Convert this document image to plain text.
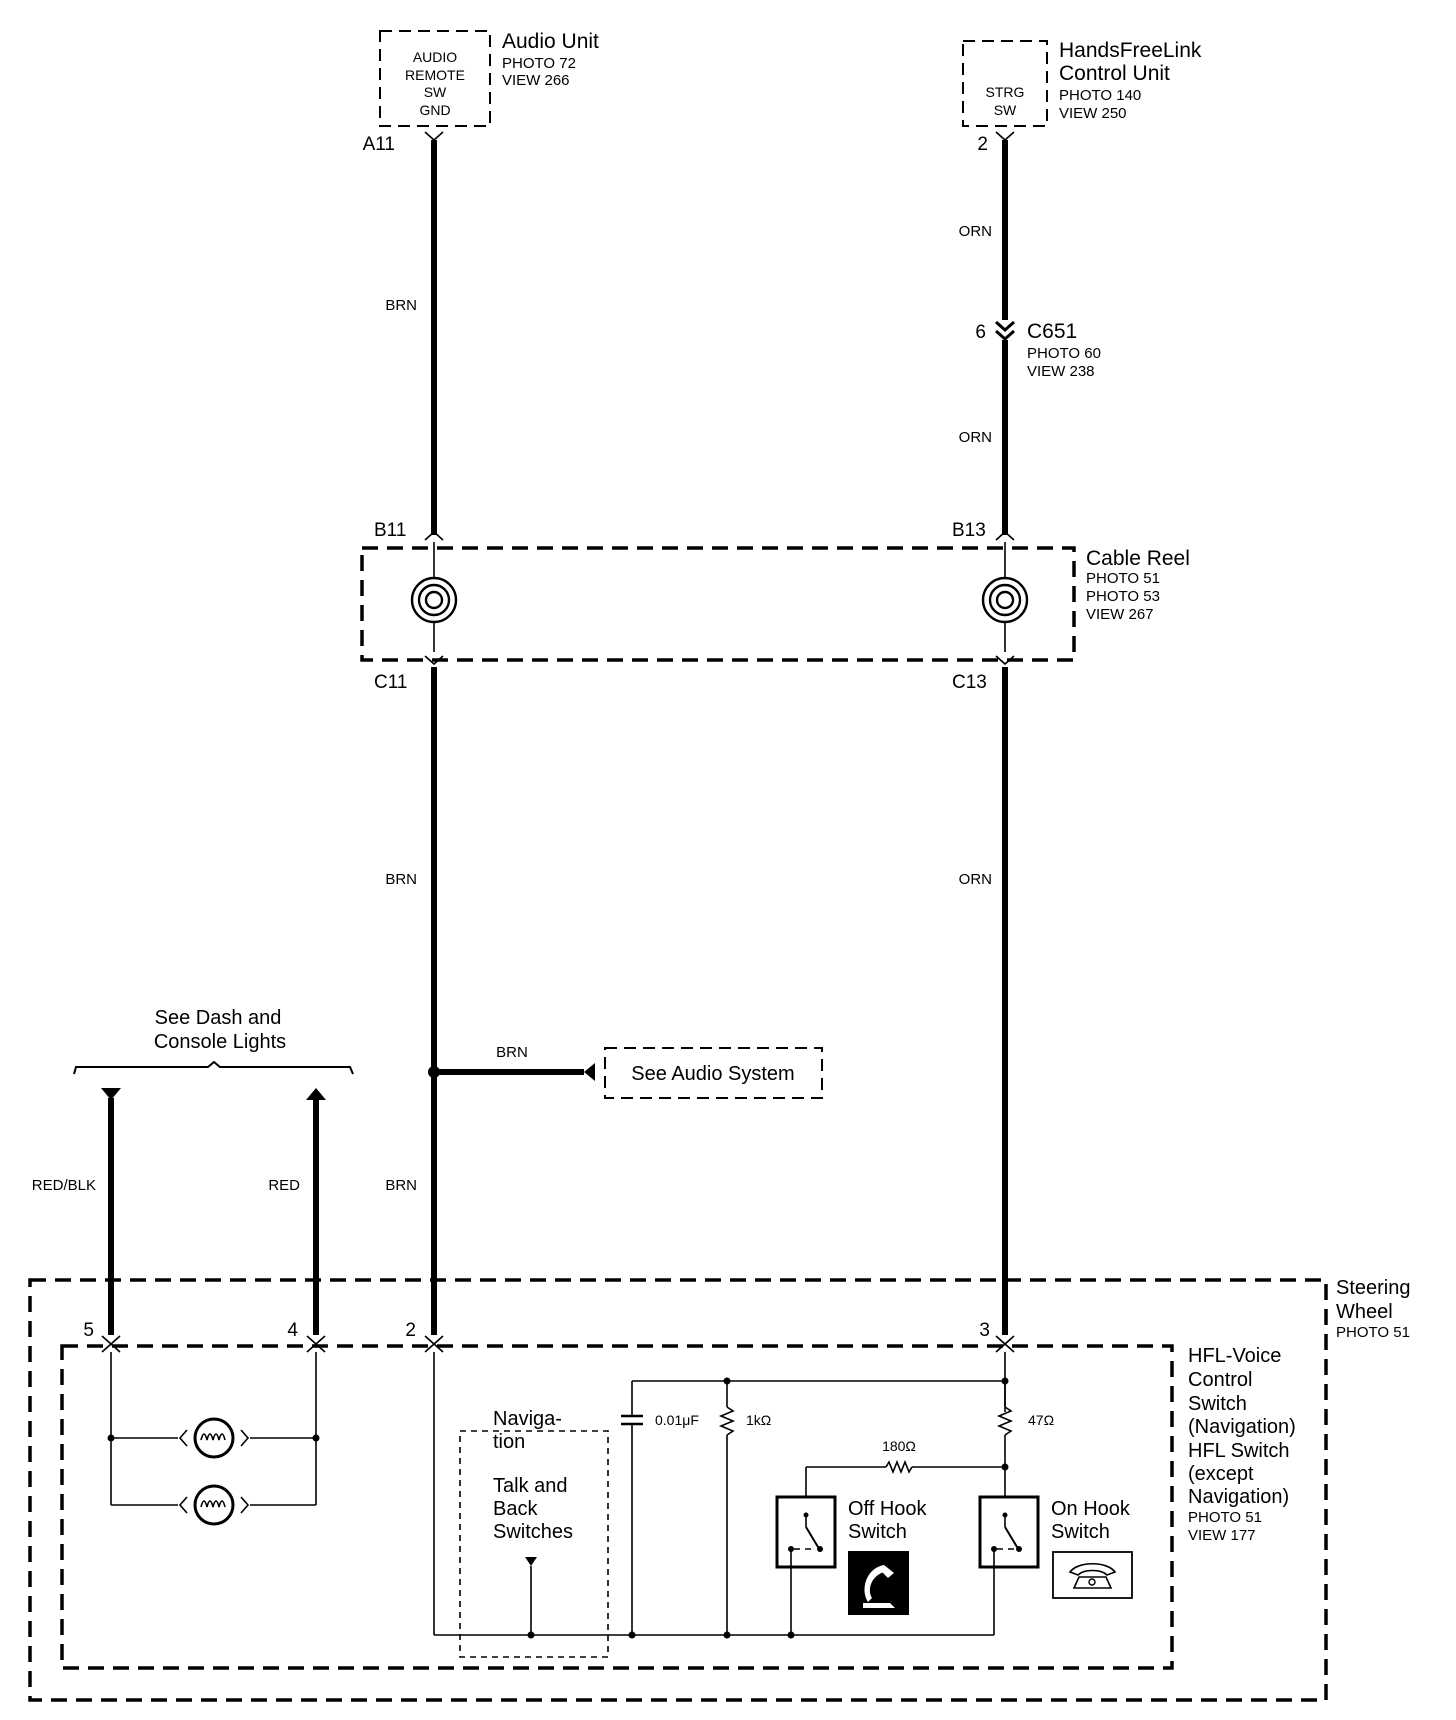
AUDIO
REMOTE
SW
GND
Audio Unit
PHOTO 72
VIEW 266
A11
STRG
SW
HandsFreeLink
Control Unit
PHOTO 140
VIEW 250
2
BRN
ORN
6 C651
PHOTO 60
VIEW 238
ORN
B11	B13
C11	C13
Cable Reel
PHOTO 51
PHOTO 53
VIEW 267
BRN
BRN
ORN
BRN
See Audio System
See Dash and
Console Lights
RED/BLK	RED
Steering
Wheel
PHOTO 51
5	4	2	3
HFL-Voice
Control
Switch
(Navigation)
HFL Switch
(except
Navigation)
PHOTO 51
VIEW 177
0.01μF	1kΩ	47Ω
180Ω
Off Hook
Switch
On Hook
Switch
Naviga-
tion
Talk and
Back
Switches
